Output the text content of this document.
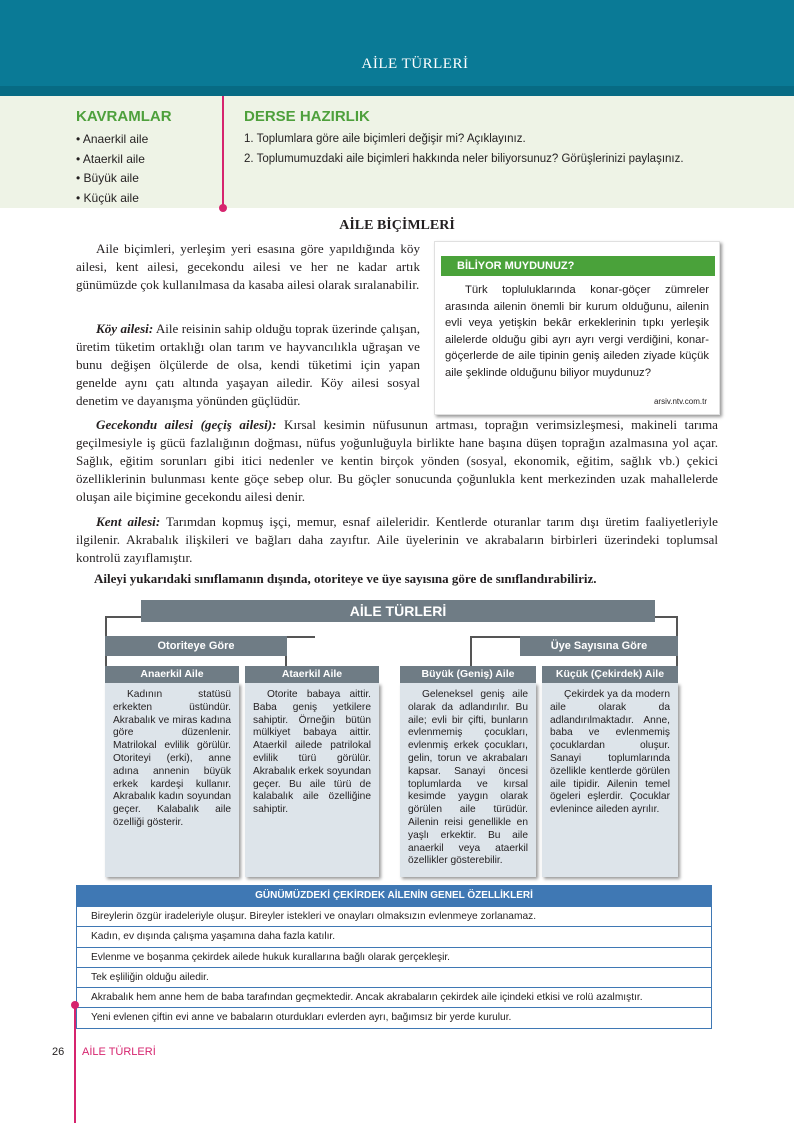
AİLE TÜRLERİ
KAVRAMLAR
• Anaerkil aile
• Ataerkil aile
• Büyük aile
• Küçük aile
DERSE HAZIRLIK
1. Toplumlara göre aile biçimleri değişir mi? Açıklayınız.
2. Toplumumuzdaki aile biçimleri hakkında neler biliyorsunuz? Görüşlerinizi paylaşınız.
AİLE BİÇİMLERİ

Aile biçimleri, yerleşim yeri esasına göre yapıldığında köy ailesi, kent ailesi, gecekondu ailesi ve her ne kadar artık günümüzde çok kullanılmasa da kasaba ailesi olarak sıralanabilir.

Köy ailesi: Aile reisinin sahip olduğu toprak üzerinde çalışan, üretim tüketim ortaklığı olan tarım ve hayvancılıkla uğraşan ve bunu değişen ölçülerde de olsa, kendi tüketimi için yapan genelde aynı çatı altında yaşayan ailedir. Köy ailesi sosyal denetim ve dayanışma yönünden güçlüdür.

BİLİYOR MUYDUNUZ?

Türk topluluklarında konar-göçer zümreler arasında ailenin önemli bir kurum olduğunu, ailenin evli veya yetişkin bekâr erkeklerinin tıpkı yerleşik ailelerde olduğu gibi ayrı ayrı vergi verdiğini, konar-göçerlerde de aile tipinin geniş aileden ziyade küçük aile şeklinde olduğunu biliyor muydunuz?

arsiv.ntv.com.tr

Gecekondu ailesi (geçiş ailesi): Kırsal kesimin nüfusunun artması, toprağın verimsizleşmesi, makineli tarıma geçilmesiyle iş gücü fazlalığının doğması, nüfus yoğunluğuyla birlikte hane başına düşen toprağın azalmasına yol açar. Sağlık, eğitim sorunları gibi itici nedenler ve kentin birçok yönden (sosyal, ekonomik, eğitim, sağlık vb.) çekici özelliklerinin bulunması kente göçe sebep olur. Bu göçler sonucunda çoğunlukla kent merkezinden uzak mahallelerde oluşan aile biçimine gecekondu ailesi denir.

Kent ailesi: Tarımdan kopmuş işçi, memur, esnaf aileleridir. Kentlerde oturanlar tarım dışı üretim faaliyetleriyle ilgilenir. Akrabalık ilişkileri ve bağları daha zayıftır. Aile üyelerinin ve akrabaların birbirleri üzerindeki toplumsal kontrolü zayıflamıştır.

Aileyi yukarıdaki sınıflamanın dışında, otoriteye ve üye sayısına göre de sınıflandırabiliriz.
AİLE TÜRLERİ
Otoriteye Göre	Üye Sayısına Göre
Anaerkil Aile
Kadının statüsü erkekten üstündür. Akrabalık ve miras kadına göre düzenlenir. Matrilokal evlilik görülür. Otoriteyi (erki), anne adına annenin büyük erkek kardeşi kullanır. Akrabalık kadın soyundan geçer. Kalabalık aile özelliği gösterir.
Ataerkil Aile
Otorite babaya aittir. Baba geniş yetkilere sahiptir. Örneğin bütün mülkiyet babaya aittir. Ataerkil ailede patrilokal evlilik türü görülür. Akrabalık erkek soyundan geçer. Bu aile türü de kalabalık aile özelliğine sahiptir.
Büyük (Geniş) Aile
Geleneksel geniş aile olarak da adlandırılır. Bu aile; evli bir çifti, bunların evlenmemiş çocukları, evlenmiş erkek çocukları, gelin, torun ve akrabaları kapsar. Sanayi öncesi toplumlarda ve kırsal kesimde yaygın olarak görülen aile türüdür. Ailenin reisi genellikle en yaşlı erkektir. Bu aile anaerkil veya ataerkil özellikler gösterebilir.
Küçük (Çekirdek) Aile
Çekirdek ya da modern aile olarak da adlandırılmaktadır. Anne, baba ve evlenmemiş çocuklardan oluşur. Sanayi toplumlarında özellikle kentlerde görülen aile tipidir. Ailenin temel ögeleri eşlerdir. Çocuklar evlenince aileden ayrılır.
GÜNÜMÜZDEKİ ÇEKİRDEK AİLENİN GENEL ÖZELLİKLERİ
Bireylerin özgür iradeleriyle oluşur. Bireyler istekleri ve onayları olmaksızın evlenmeye zorlanamaz.
Kadın, ev dışında çalışma yaşamına daha fazla katılır.
Evlenme ve boşanma çekirdek ailede hukuk kurallarına bağlı olarak gerçekleşir.
Tek eşliliğin olduğu ailedir.
Akrabalık hem anne hem de baba tarafından geçmektedir. Ancak akrabaların çekirdek aile içindeki etkisi ve rolü azalmıştır.
Yeni evlenen çiftin evi anne ve babaların oturdukları evlerden ayrı, bağımsız bir yerde kurulur.
26 AİLE TÜRLERİ
